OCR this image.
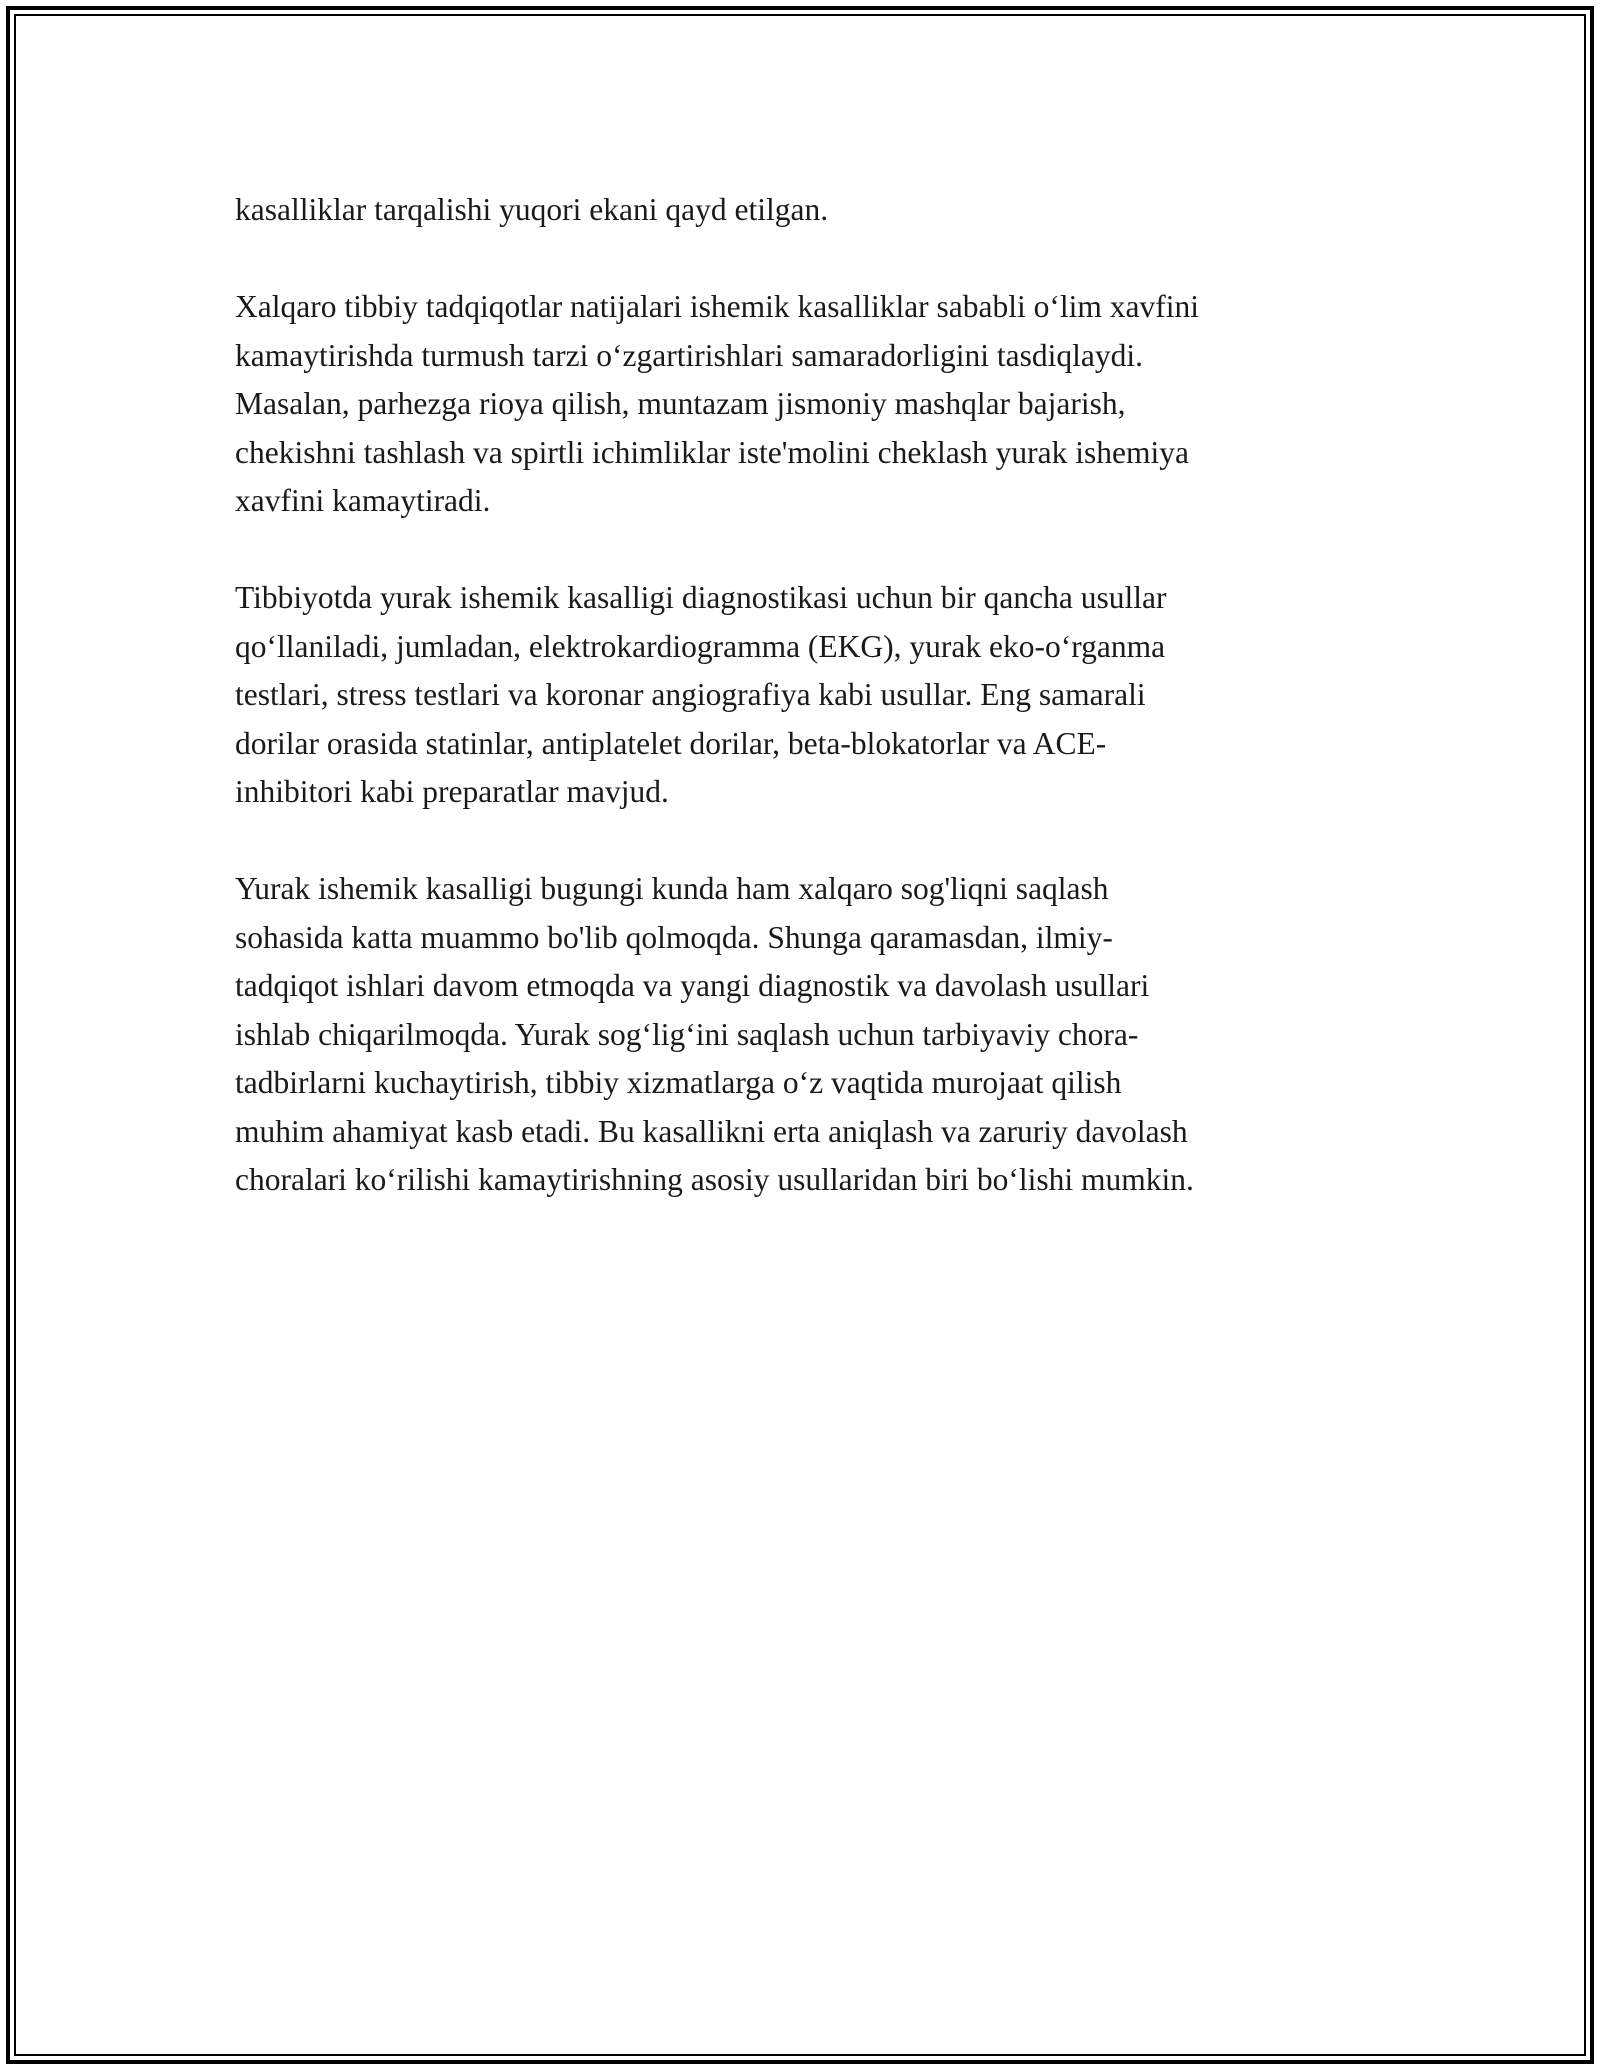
kasalliklar tarqalishi yuqori ekani qayd etilgan.

Xalqaro tibbiy tadqiqotlar natijalari ishemik kasalliklar sababli o‘lim xavfini
kamaytirishda turmush tarzi o‘zgartirishlari samaradorligini tasdiqlaydi.
Masalan, parhezga rioya qilish, muntazam jismoniy mashqlar bajarish,
chekishni tashlash va spirtli ichimliklar iste'molini cheklash yurak ishemiya
xavfini kamaytiradi.

Tibbiyotda yurak ishemik kasalligi diagnostikasi uchun bir qancha usullar
qo‘llaniladi, jumladan, elektrokardiogramma (EKG), yurak eko-o‘rganma
testlari, stress testlari va koronar angiografiya kabi usullar. Eng samarali
dorilar orasida statinlar, antiplatelet dorilar, beta-blokatorlar va ACE-
inhibitori kabi preparatlar mavjud.

Yurak ishemik kasalligi bugungi kunda ham xalqaro sog'liqni saqlash
sohasida katta muammo bo'lib qolmoqda. Shunga qaramasdan, ilmiy-
tadqiqot ishlari davom etmoqda va yangi diagnostik va davolash usullari
ishlab chiqarilmoqda. Yurak sog‘lig‘ini saqlash uchun tarbiyaviy chora-
tadbirlarni kuchaytirish, tibbiy xizmatlarga o‘z vaqtida murojaat qilish
muhim ahamiyat kasb etadi. Bu kasallikni erta aniqlash va zaruriy davolash
choralari ko‘rilishi kamaytirishning asosiy usullaridan biri bo‘lishi mumkin.
